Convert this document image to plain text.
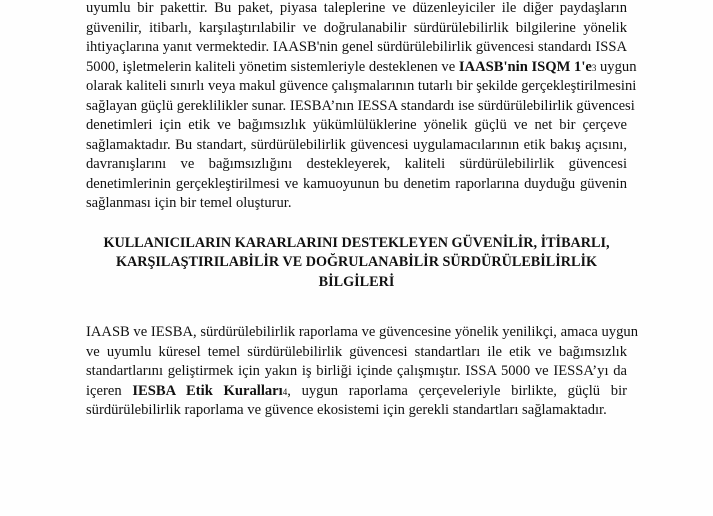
uyumlu bir pakettir. Bu paket, piyasa taleplerine ve düzenleyiciler ile diğer paydaşların
güvenilir, itibarlı, karşılaştırılabilir ve doğrulanabilir sürdürülebilirlik bilgilerine yönelik
ihtiyaçlarına yanıt vermektedir. IAASB'nin genel sürdürülebilirlik güvencesi standardı ISSA
5000, işletmelerin kaliteli yönetim sistemleriyle desteklenen ve IAASB'nin ISQM 1'e3 uygun
olarak kaliteli sınırlı veya makul güvence çalışmalarının tutarlı bir şekilde gerçekleştirilmesini
sağlayan güçlü gereklilikler sunar. IESBA’nın IESSA standardı ise sürdürülebilirlik güvencesi
denetimleri için etik ve bağımsızlık yükümlülüklerine yönelik güçlü ve net bir çerçeve
sağlamaktadır. Bu standart, sürdürülebilirlik güvencesi uygulamacılarının etik bakış açısını,
davranışlarını ve bağımsızlığını destekleyerek, kaliteli sürdürülebilirlik güvencesi
denetimlerinin gerçekleştirilmesi ve kamuoyunun bu denetim raporlarına duyduğu güvenin
sağlanması için bir temel oluşturur.
KULLANICILARIN KARARLARINI DESTEKLEYEN GÜVENİLİR, İTİBARLI,
KARŞILAŞTIRILABİLİR VE DOĞRULANABİLİR SÜRDÜRÜLEBİLİRLİK
BİLGİLERİ
IAASB ve IESBA, sürdürülebilirlik raporlama ve güvencesine yönelik yenilikçi, amaca uygun
ve uyumlu küresel temel sürdürülebilirlik güvencesi standartları ile etik ve bağımsızlık
standartlarını geliştirmek için yakın iş birliği içinde çalışmıştır. ISSA 5000 ve IESSA’yı da
içeren IESBA Etik Kuralları4, uygun raporlama çerçeveleriyle birlikte, güçlü bir
sürdürülebilirlik raporlama ve güvence ekosistemi için gerekli standartları sağlamaktadır.
